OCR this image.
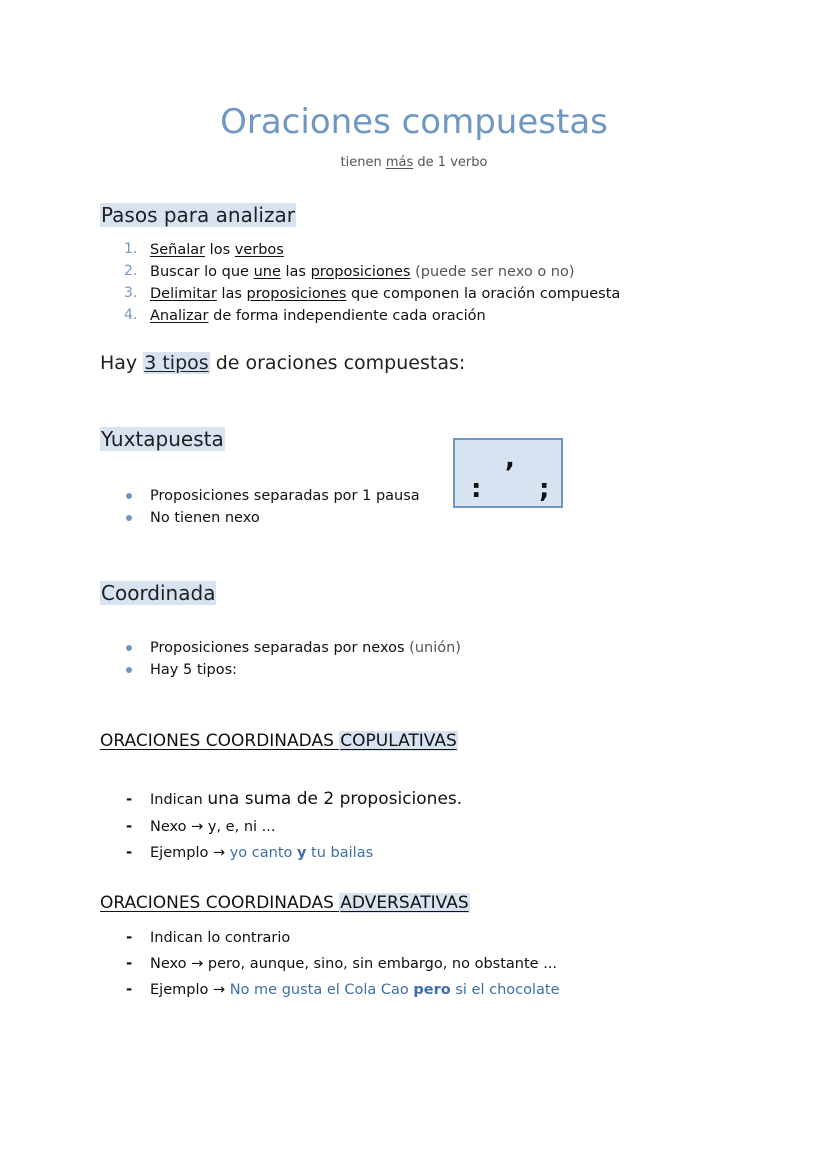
Oraciones compuestas
tienen más de 1 verbo
Pasos para analizar
1. Señalar los verbos
2. Buscar lo que une las proposiciones (puede ser nexo o no)
3. Delimitar las proposiciones que componen la oración compuesta
4. Analizar de forma independiente cada oración
Hay 3 tipos de oraciones compuestas:
Yuxtapuesta
Proposiciones separadas por 1 pausa
No tienen nexo
,
: ;
Coordinada
Proposiciones separadas por nexos (unión)
Hay 5 tipos:
ORACIONES COORDINADAS COPULATIVAS
- Indican una suma de 2 proposiciones.
- Nexo → y, e, ni ...
- Ejemplo → yo canto y tu bailas
ORACIONES COORDINADAS ADVERSATIVAS
- Indican lo contrario
- Nexo → pero, aunque, sino, sin embargo, no obstante ...
- Ejemplo → No me gusta el Cola Cao pero si el chocolate
